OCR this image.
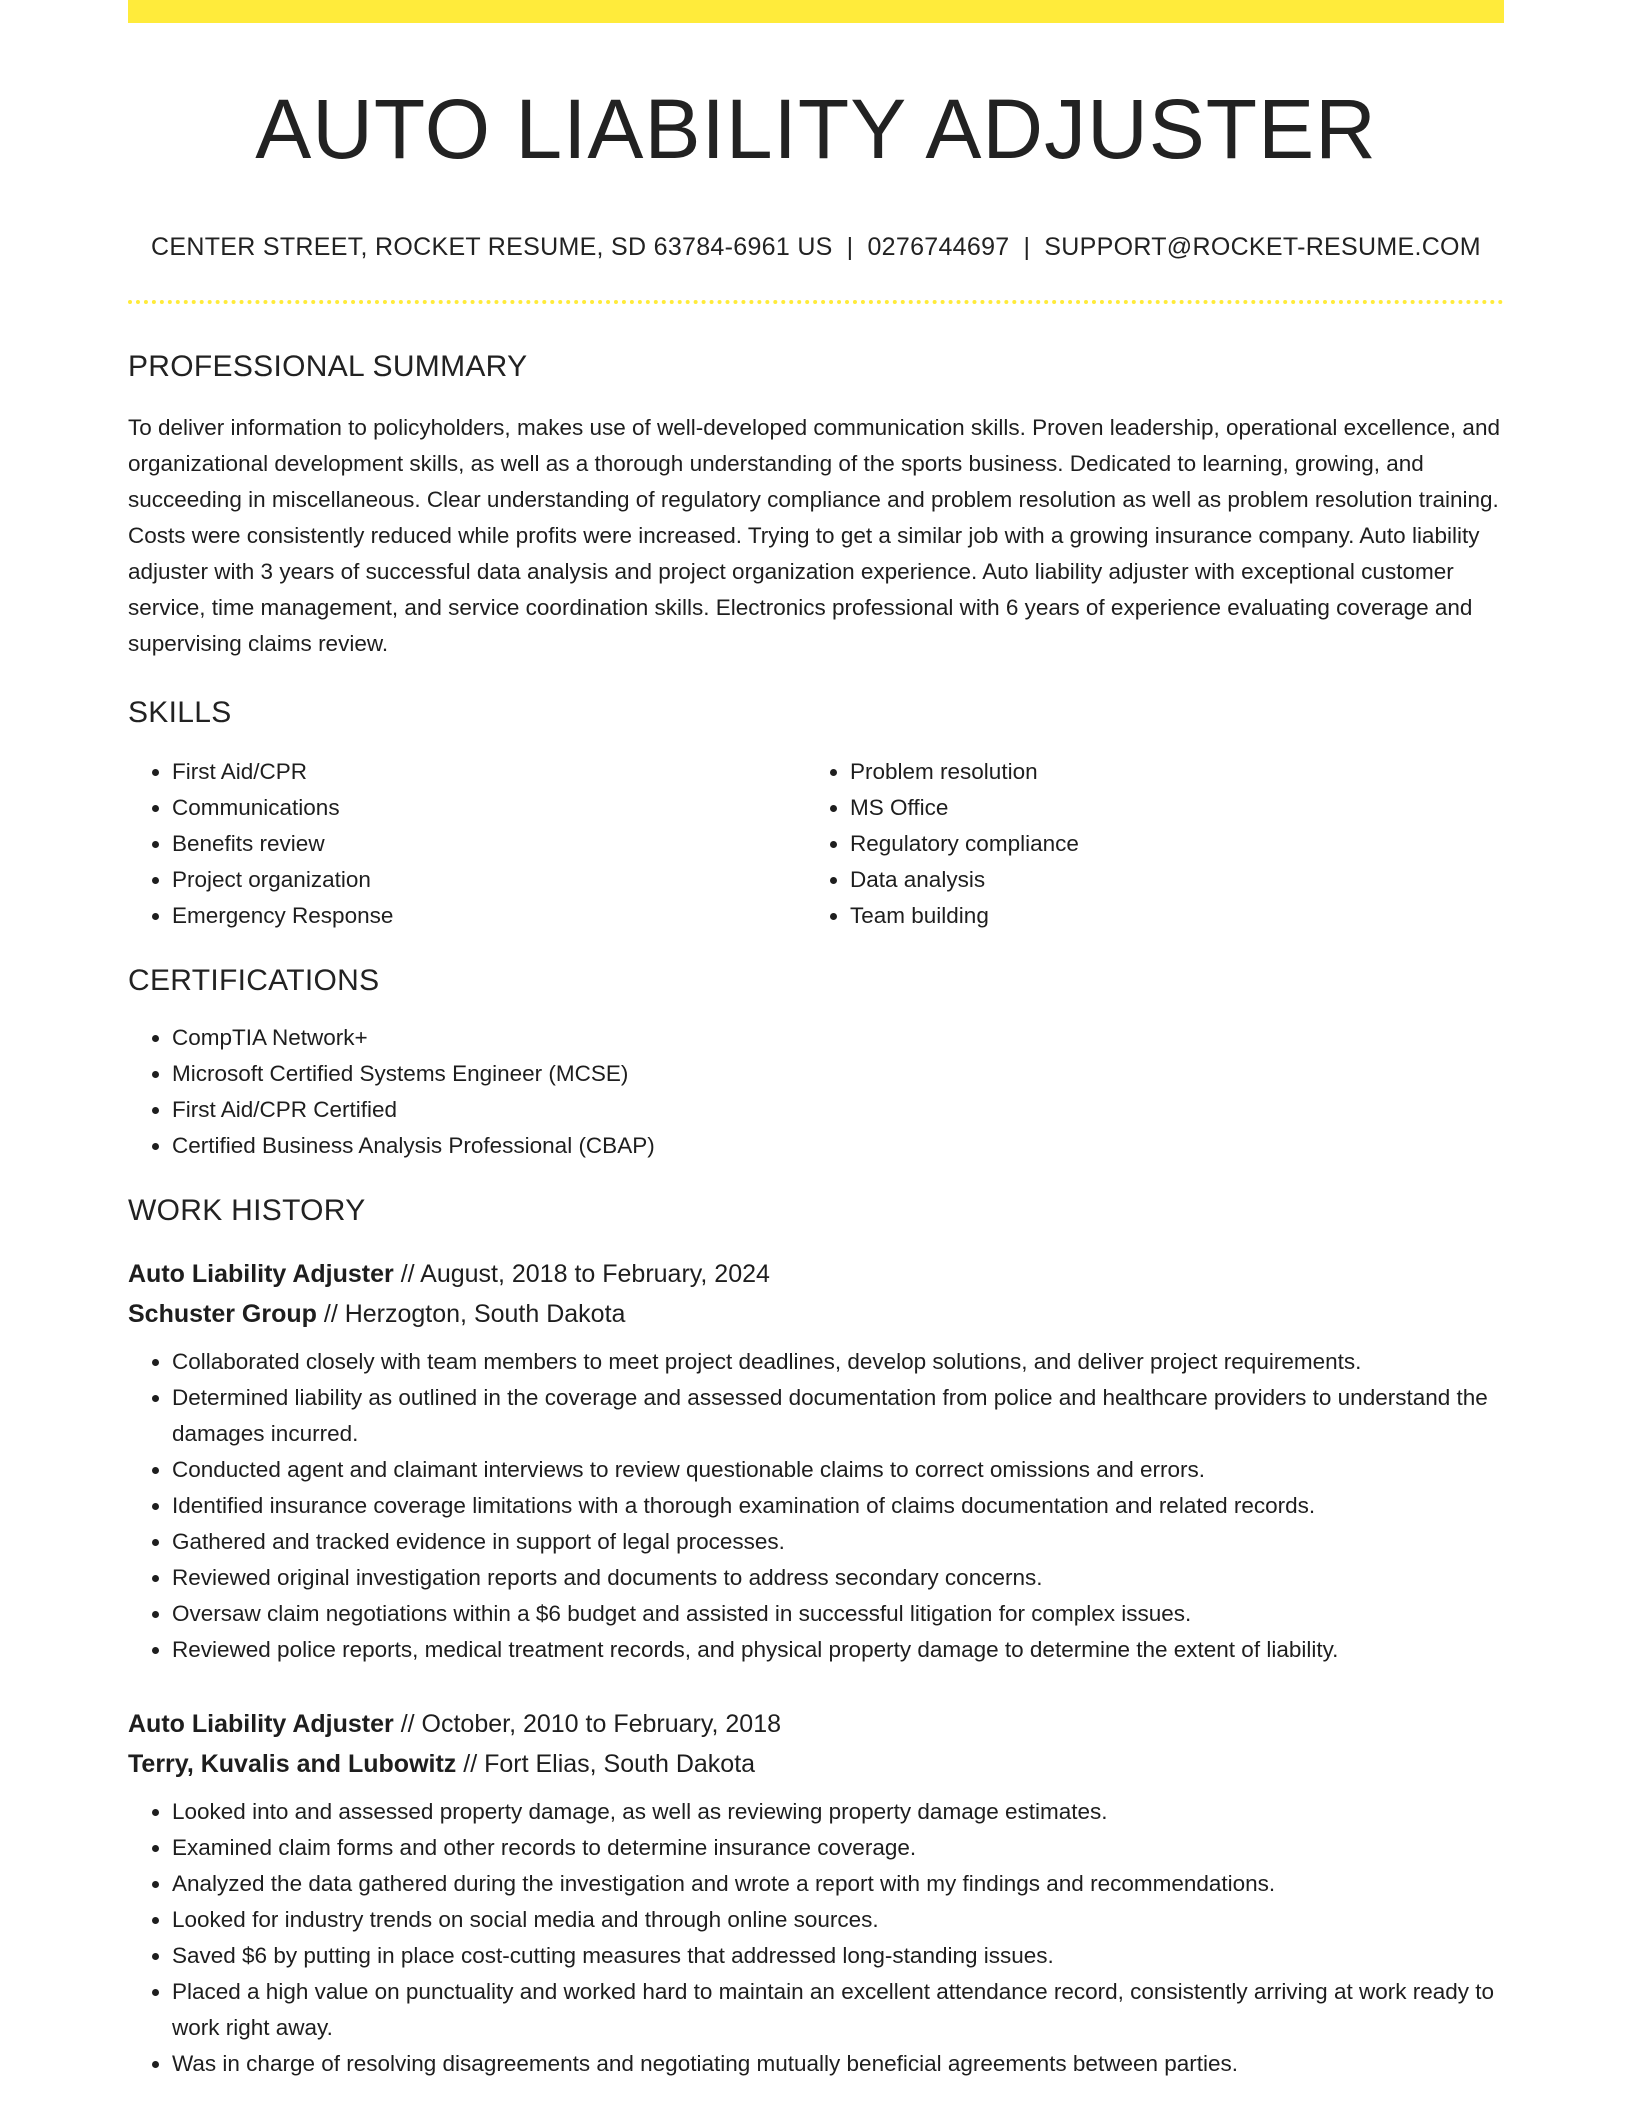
AUTO LIABILITY ADJUSTER
CENTER STREET, ROCKET RESUME, SD 63784-6961 US | 0276744697 | SUPPORT@ROCKET-RESUME.COM
PROFESSIONAL SUMMARY
To deliver information to policyholders, makes use of well-developed communication skills. Proven leadership, operational excellence, and organizational development skills, as well as a thorough understanding of the sports business. Dedicated to learning, growing, and succeeding in miscellaneous. Clear understanding of regulatory compliance and problem resolution as well as problem resolution training. Costs were consistently reduced while profits were increased. Trying to get a similar job with a growing insurance company. Auto liability adjuster with 3 years of successful data analysis and project organization experience. Auto liability adjuster with exceptional customer service, time management, and service coordination skills. Electronics professional with 6 years of experience evaluating coverage and supervising claims review.
SKILLS
• First Aid/CPR
• Communications
• Benefits review
• Project organization
• Emergency Response
• Problem resolution
• MS Office
• Regulatory compliance
• Data analysis
• Team building
CERTIFICATIONS
• CompTIA Network+
• Microsoft Certified Systems Engineer (MCSE)
• First Aid/CPR Certified
• Certified Business Analysis Professional (CBAP)
WORK HISTORY
Auto Liability Adjuster // August, 2018 to February, 2024
Schuster Group // Herzogton, South Dakota
• Collaborated closely with team members to meet project deadlines, develop solutions, and deliver project requirements.
• Determined liability as outlined in the coverage and assessed documentation from police and healthcare providers to understand the damages incurred.
• Conducted agent and claimant interviews to review questionable claims to correct omissions and errors.
• Identified insurance coverage limitations with a thorough examination of claims documentation and related records.
• Gathered and tracked evidence in support of legal processes.
• Reviewed original investigation reports and documents to address secondary concerns.
• Oversaw claim negotiations within a $6 budget and assisted in successful litigation for complex issues.
• Reviewed police reports, medical treatment records, and physical property damage to determine the extent of liability.
Auto Liability Adjuster // October, 2010 to February, 2018
Terry, Kuvalis and Lubowitz // Fort Elias, South Dakota
• Looked into and assessed property damage, as well as reviewing property damage estimates.
• Examined claim forms and other records to determine insurance coverage.
• Analyzed the data gathered during the investigation and wrote a report with my findings and recommendations.
• Looked for industry trends on social media and through online sources.
• Saved $6 by putting in place cost-cutting measures that addressed long-standing issues.
• Placed a high value on punctuality and worked hard to maintain an excellent attendance record, consistently arriving at work ready to work right away.
• Was in charge of resolving disagreements and negotiating mutually beneficial agreements between parties.
